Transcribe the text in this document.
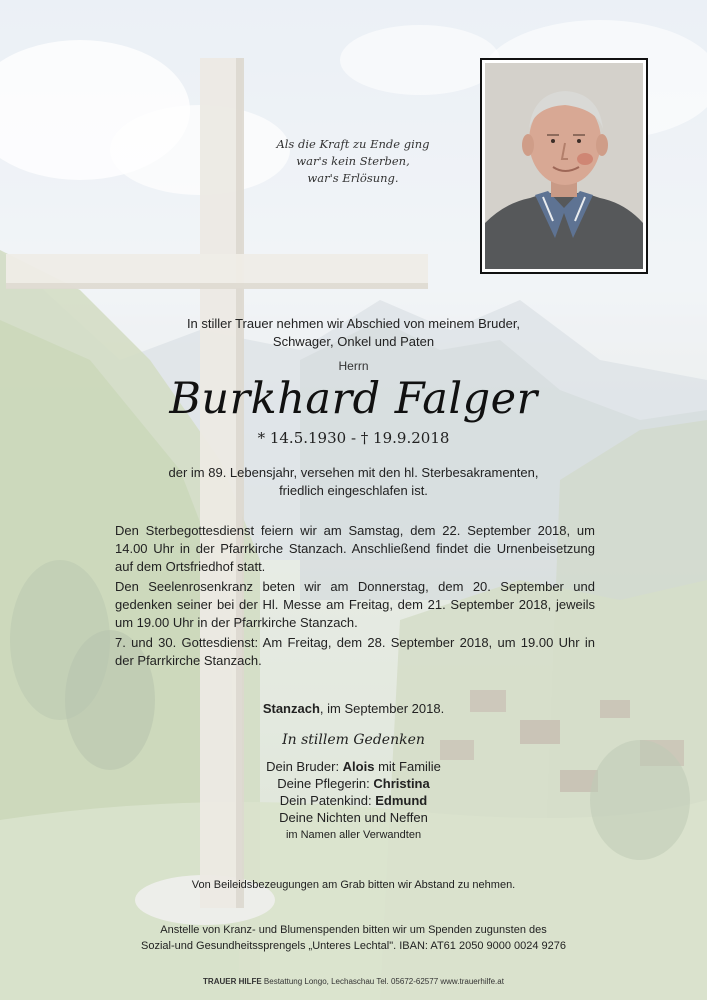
Als die Kraft zu Ende ging
war's kein Sterben,
war's Erlösung.
In stiller Trauer nehmen wir Abschied von meinem Bruder,
Schwager, Onkel und Paten
Herrn
Burkhard Falger
* 14.5.1930 - † 19.9.2018
der im 89. Lebensjahr, versehen mit den hl. Sterbesakramenten,
friedlich eingeschlafen ist.

Den Sterbegottesdienst feiern wir am Samstag, dem 22. September 2018, um 14.00 Uhr in der Pfarrkirche Stanzach. Anschließend findet die Urnenbeisetzung auf dem Ortsfriedhof statt.

Den Seelenrosenkranz beten wir am Donnerstag, dem 20. September und gedenken seiner bei der Hl. Messe am Freitag, dem 21. September 2018, jeweils um 19.00 Uhr in der Pfarrkirche Stanzach.

7. und 30. Gottesdienst: Am Freitag, dem 28. September 2018, um 19.00 Uhr in der Pfarrkirche Stanzach.

Stanzach, im September 2018.
In stillem Gedenken
Dein Bruder: Alois mit Familie
Deine Pflegerin: Christina
Dein Patenkind: Edmund
Deine Nichten und Neffen
im Namen aller Verwandten
Von Beileidsbezeugungen am Grab bitten wir Abstand zu nehmen.
Anstelle von Kranz- und Blumenspenden bitten wir um Spenden zugunsten des
Sozial-und Gesundheitssprengels „Unteres Lechtal". IBAN: AT61 2050 9000 0024 9276
TRAUER HILFE Bestattung Longo, Lechaschau Tel. 05672-62577 www.trauerhilfe.at
